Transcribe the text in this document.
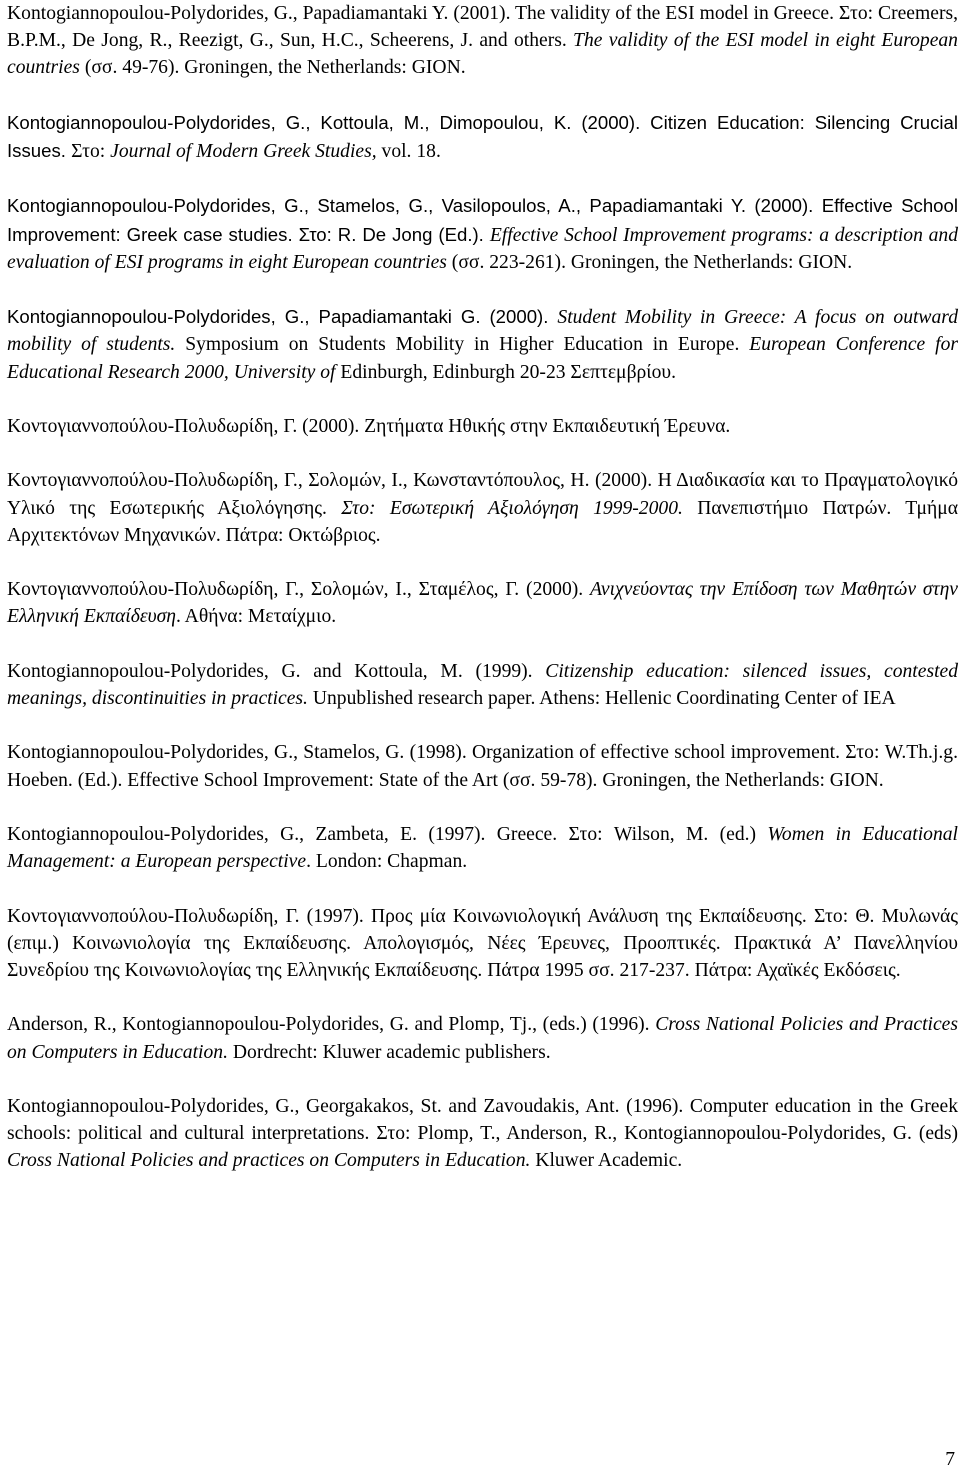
Kontogiannopoulou-Polydorides, G., Papadiamantaki Y. (2001). The validity of the ESI model in Greece. Στο: Creemers, B.P.M., De Jong, R., Reezigt, G., Sun, H.C., Scheerens, J. and others. The validity of the ESI model in eight European countries (σσ. 49-76). Groningen, the Netherlands: GION.

Kontogiannopoulou-Polydorides, G., Kottoula, M., Dimopoulou, K. (2000). Citizen Education: Silencing Crucial Issues. Στο: Journal of Modern Greek Studies, vol. 18.

Kontogiannopoulou-Polydorides, G., Stamelos, G., Vasilopoulos, A., Papadiamantaki Y. (2000). Effective School Improvement: Greek case studies. Στο: R. De Jong (Ed.). Effective School Improvement programs: a description and evaluation of ESI programs in eight European countries (σσ. 223-261). Groningen, the Netherlands: GION.

Kontogiannopoulou-Polydorides, G., Papadiamantaki G. (2000). Student Mobility in Greece: A focus on outward mobility of students. Symposium on Students Mobility in Higher Education in Europe. European Conference for Educational Research 2000, University of Edinburgh, Edinburgh 20-23 Σεπτεμβρίου.

Κοντογιαννοπούλου-Πολυδωρίδη, Γ. (2000). Ζητήματα Ηθικής στην Εκπαιδευτική Έρευνα.

Κοντογιαννοπούλου-Πολυδωρίδη, Γ., Σολομών, Ι., Κωνσταντόπουλος, Η. (2000). Η Διαδικασία και το Πραγματολογικό Υλικό της Εσωτερικής Αξιολόγησης. Στο: Εσωτερική Αξιολόγηση 1999-2000. Πανεπιστήμιο Πατρών. Τμήμα Αρχιτεκτόνων Μηχανικών. Πάτρα: Οκτώβριος.

Κοντογιαννοπούλου-Πολυδωρίδη, Γ., Σολομών, Ι., Σταμέλος, Γ. (2000). Ανιχνεύοντας την Επίδοση των Μαθητών στην Ελληνική Εκπαίδευση. Αθήνα: Μεταίχμιο.

Kontogiannopoulou-Polydorides, G. and Kottoula, M. (1999). Citizenship education: silenced issues, contested meanings, discontinuities in practices. Unpublished research paper. Athens: Hellenic Coordinating Center of IEA

Kontogiannopoulou-Polydorides, G., Stamelos, G. (1998). Organization of effective school improvement. Στο: W.Th.j.g. Hoeben. (Ed.). Effective School Improvement: State of the Art (σσ. 59-78). Groningen, the Netherlands: GION.

Kontogiannopoulou-Polydorides, G., Zambeta, E. (1997). Greece. Στο: Wilson, M. (ed.) Women in Educational Management: a European perspective. London: Chapman.

Κοντογιαννοπούλου-Πολυδωρίδη, Γ. (1997). Προς μία Κοινωνιολογική Ανάλυση της Εκπαίδευσης. Στο: Θ. Μυλωνάς (επιμ.) Κοινωνιολογία της Εκπαίδευσης. Απολογισμός, Νέες Έρευνες, Προοπτικές. Πρακτικά Α’ Πανελληνίου Συνεδρίου της Κοινωνιολογίας της Ελληνικής Εκπαίδευσης. Πάτρα 1995 σσ. 217-237. Πάτρα: Αχαϊκές Εκδόσεις.

Anderson, R., Kontogiannopoulou-Polydorides, G. and Plomp, Tj., (eds.) (1996). Cross National Policies and Practices on Computers in Education. Dordrecht: Kluwer academic publishers.

Kontogiannopoulou-Polydorides, G., Georgakakos, St. and Zavoudakis, Ant. (1996). Computer education in the Greek schools: political and cultural interpretations. Στο: Plomp, T., Anderson, R., Kontogiannopoulou-Polydorides, G. (eds) Cross National Policies and practices on Computers in Education. Kluwer Academic.

7
